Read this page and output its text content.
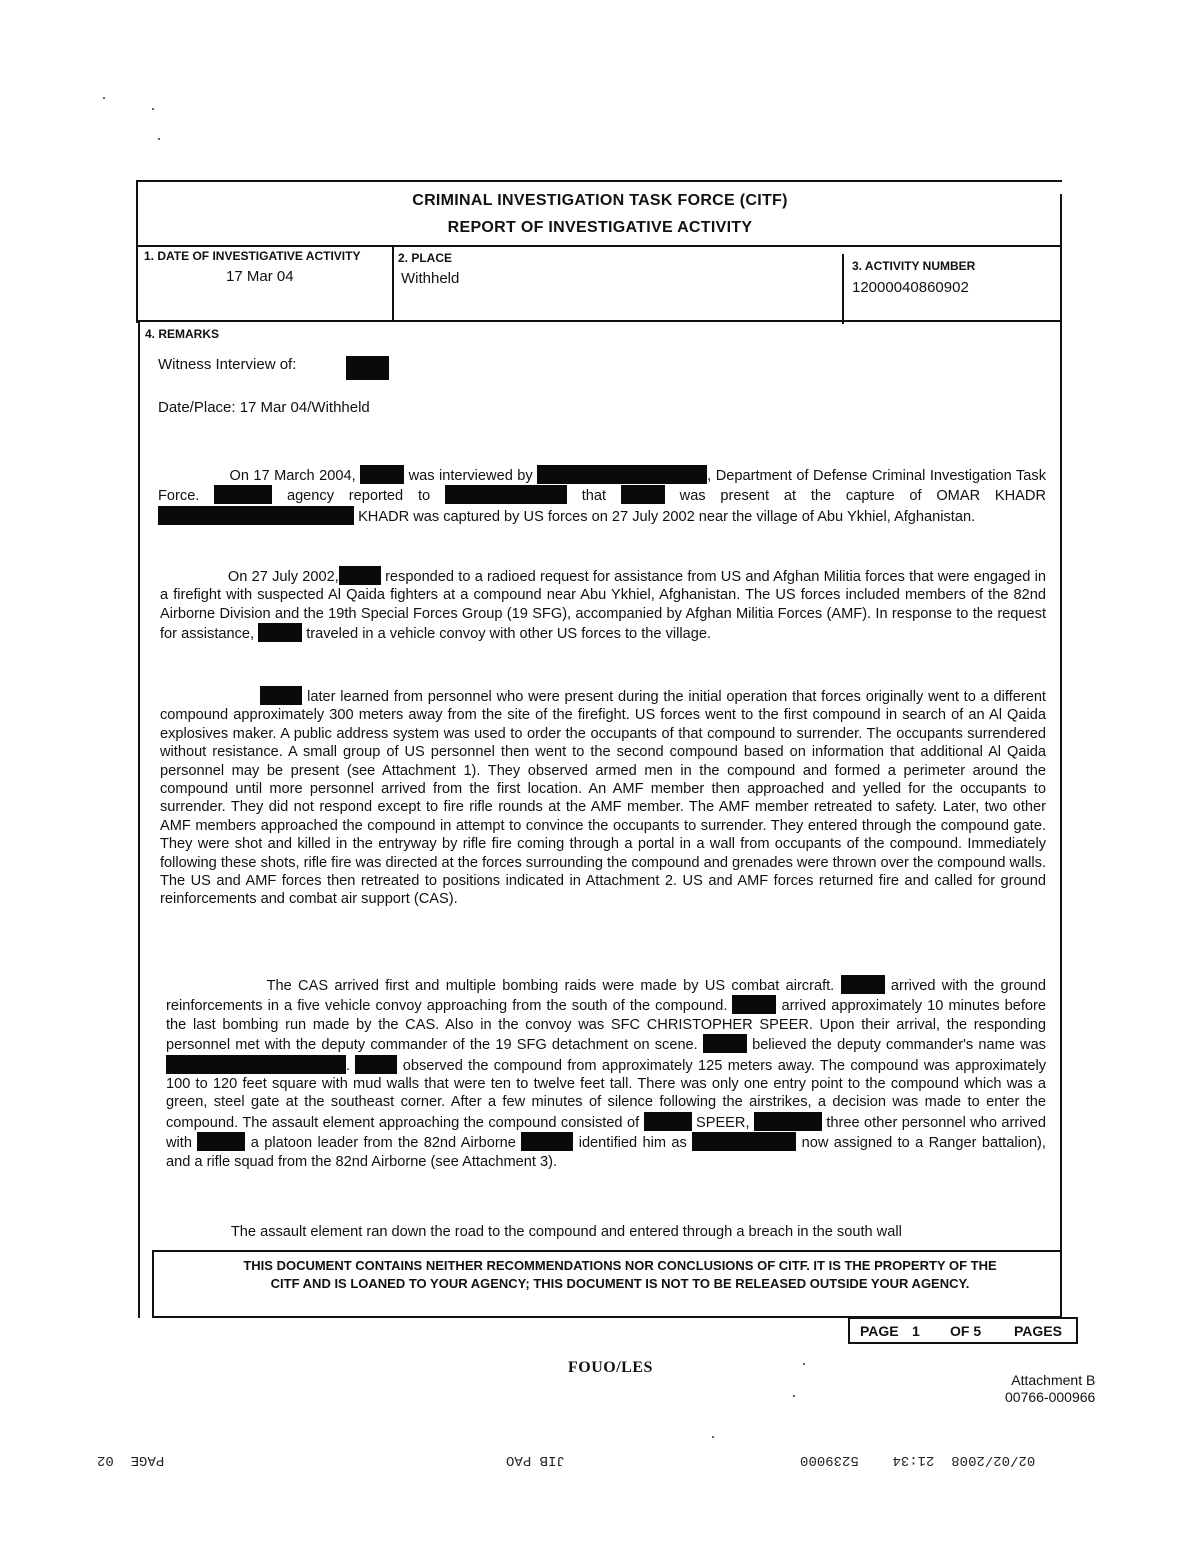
CRIMINAL INVESTIGATION TASK FORCE (CITF)
REPORT OF INVESTIGATIVE ACTIVITY
1. DATE OF INVESTIGATIVE ACTIVITY
17 Mar 04
2. PLACE
Withheld
3. ACTIVITY NUMBER
12000040860902
4. REMARKS
Witness Interview of:
Date/Place: 17 Mar 04/Withheld

On 17 March 2004,	was interviewed by	, Department of Defense Criminal Investigation Task Force.	agency reported to	that	was present at the capture of OMAR KHADR  KHADR was captured by US forces on 27 July 2002 near the village of Abu Ykhiel, Afghanistan.

On 27 July 2002,	responded to a radioed request for assistance from US and Afghan Militia forces that were engaged in a firefight with suspected Al Qaida fighters at a compound near Abu Ykhiel, Afghanistan. The US forces included members of the 82nd Airborne Division and the 19th Special Forces Group (19 SFG), accompanied by Afghan Militia Forces (AMF). In response to the request for assistance,	traveled in a vehicle convoy with other US forces to the village.

later learned from personnel who were present during the initial operation that forces originally went to a different compound approximately 300 meters away from the site of the firefight. US forces went to the first compound in search of an Al Qaida explosives maker. A public address system was used to order the occupants of that compound to surrender. The occupants surrendered without resistance. A small group of US personnel then went to the second compound based on information that additional Al Qaida personnel may be present (see Attachment 1). They observed armed men in the compound and formed a perimeter around the compound until more personnel arrived from the first location. An AMF member then approached and yelled for the occupants to surrender. They did not respond except to fire rifle rounds at the AMF member. The AMF member retreated to safety. Later, two other AMF members approached the compound in attempt to convince the occupants to surrender. They entered through the compound gate. They were shot and killed in the entryway by rifle fire coming through a portal in a wall from occupants of the compound. Immediately following these shots, rifle fire was directed at the forces surrounding the compound and grenades were thrown over the compound walls. The US and AMF forces then retreated to positions indicated in Attachment 2. US and AMF forces returned fire and called for ground reinforcements and combat air support (CAS).

The CAS arrived first and multiple bombing raids were made by US combat aircraft.	arrived with the ground reinforcements in a five vehicle convoy approaching from the south of the compound.	arrived approximately 10 minutes before the last bombing run made by the CAS. Also in the convoy was SFC CHRISTOPHER SPEER. Upon their arrival, the responding personnel met with the deputy commander of the 19 SFG detachment on scene.	believed the deputy commander's name was .	observed the compound from approximately 125 meters away. The compound was approximately 100 to 120 feet square with mud walls that were ten to twelve feet tall. There was only one entry point to the compound which was a green, steel gate at the southeast corner. After a few minutes of silence following the airstrikes, a decision was made to enter the compound. The assault element approaching the compound consisted of	SPEER,	three other personnel who arrived with	a platoon leader from the 82nd Airborne	identified him as	now assigned to a Ranger battalion), and a rifle squad from the 82nd Airborne (see Attachment 3).

The assault element ran down the road to the compound and entered through a breach in the south wall

THIS DOCUMENT CONTAINS NEITHER RECOMMENDATIONS NOR CONCLUSIONS OF CITF. IT IS THE PROPERTY OF THE
CITF AND IS LOANED TO YOUR AGENCY; THIS DOCUMENT IS NOT TO BE RELEASED OUTSIDE YOUR AGENCY.
PAGE 1 OF 5 PAGES
FOUO/LES
Attachment B
00766-000966
02/02/2008  21:34    5239000
JIB PAO
PAGE  02
